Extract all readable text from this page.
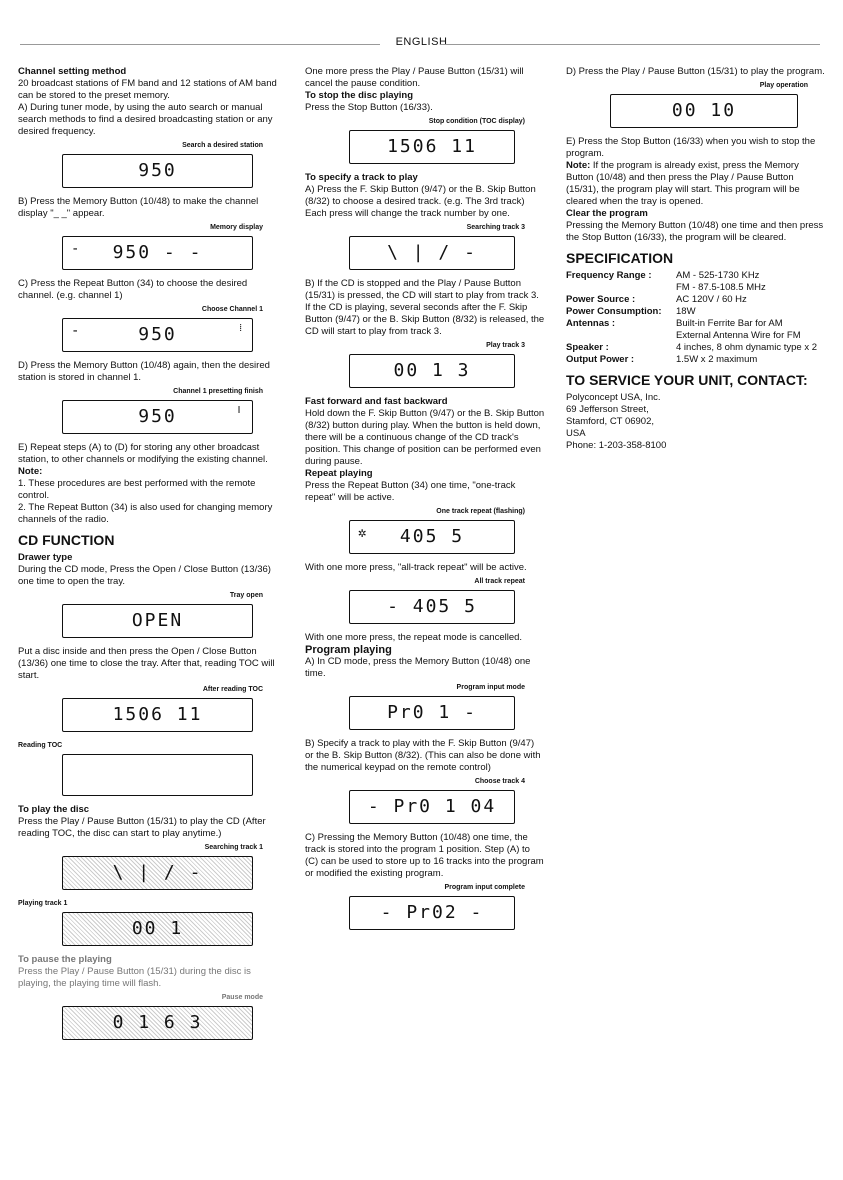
ENGLISH

Channel setting method

20 broadcast stations of FM band and 12 stations of AM band can be stored to the preset memory.

A) During tuner mode, by using the auto search or manual search methods to find a desired broadcasting station or any desired frequency.

Search a desired station
950

B) Press the Memory Button (10/48) to make the channel display "_ _" appear.

Memory display
- 950 - -

C) Press the Repeat Button (34) to choose the desired channel. (e.g. channel 1)

Choose Channel 1
-	950	⁞

D) Press the Memory Button (10/48) again, then the desired station is stored in channel 1.

Channel 1 presetting finish
950	ǀ

E) Repeat steps (A) to (D) for storing any other broadcast station, to other channels or modifying the existing channel.

Note:

1. These procedures are best performed with the remote control.

2. The Repeat Button (34) is also used for changing memory channels of the radio.

CD FUNCTION

Drawer type

During the CD mode, Press the Open / Close Button (13/36) one time to open the tray.

Tray open
OPEN

Put a disc inside and then press the Open / Close Button (13/36) one time to close the tray. After that, reading TOC will start.

After reading TOC
1506 11
Reading TOC

To play the disc

Press the Play / Pause Button (15/31) to play the CD (After reading TOC, the disc can start to play anytime.)

Searching track 1
\ | / -
Playing track 1
00 1

To pause the playing

Press the Play / Pause Button (15/31) during the disc is playing, the playing time will flash.

Pause mode
0 1 6 3

One more press the Play / Pause Button (15/31) will cancel the pause condition.

To stop the disc playing

Press the Stop Button (16/33).

Stop condition (TOC display)
1506 11

To specify a track to play

A) Press the F. Skip Button (9/47) or the B. Skip Button (8/32) to choose a desired track. (e.g. The 3rd track) Each press will change the track number by one.

Searching track 3
\ | / -

B) If the CD is stopped and the Play / Pause Button (15/31) is pressed, the CD will start to play from track 3. If the CD is playing, several seconds after the F. Skip Button (9/47) or the B. Skip Button (8/32) is released, the CD will start to play from track 3.

Play track 3
00 1 3

Fast forward and fast backward

Hold down the F. Skip Button (9/47) or the B. Skip Button (8/32) button during play. When the button is held down, there will be a continuous change of the CD track's position. This change of position can be performed even during pause.

Repeat playing

Press the Repeat Button (34) one time, "one-track repeat" will be active.

One track repeat (flashing)
✲ 405 5

With one more press, "all-track repeat" will be active.

All track repeat
- 405 5

With one more press, the repeat mode is cancelled.

Program playing

A) In CD mode, press the Memory Button (10/48) one time.

Program input mode
Pr0 1 -

B) Specify a track to play with the F. Skip Button (9/47) or the B. Skip Button (8/32). (This can also be done with the numerical keypad on the remote control)

Choose track 4
- Pr0 1 04

C) Pressing the Memory Button (10/48) one time, the track is stored into the program 1 position. Step (A) to (C) can be used to store up to 16 tracks into the program or modified the existing program.

Program input complete
- Pr02 -

D) Press the Play / Pause Button (15/31) to play the program.

Play operation
00 10

E) Press the Stop Button (16/33) when you wish to stop the program.

Note: If the program is already exist, press the Memory Button (10/48) and then press the Play / Pause Button (15/31), the program play will start. This program will be cleared when the tray is opened.

Clear the program

Pressing the Memory Button (10/48) one time and then press the Stop Button (16/33), the program will be cleared.

SPECIFICATION

Frequency Range :	AM - 525-1730 KHz
FM - 87.5-108.5 MHz
Power Source :	AC 120V / 60 Hz
Power Consumption:	18W
Antennas :	Built-in Ferrite Bar for AM
External Antenna Wire for FM
Speaker :	4 inches, 8 ohm dynamic type x 2
Output Power :	1.5W x 2 maximum

TO SERVICE YOUR UNIT, CONTACT:

Polyconcept USA, Inc.

69 Jefferson Street,

Stamford, CT 06902,

USA

Phone: 1-203-358-8100
